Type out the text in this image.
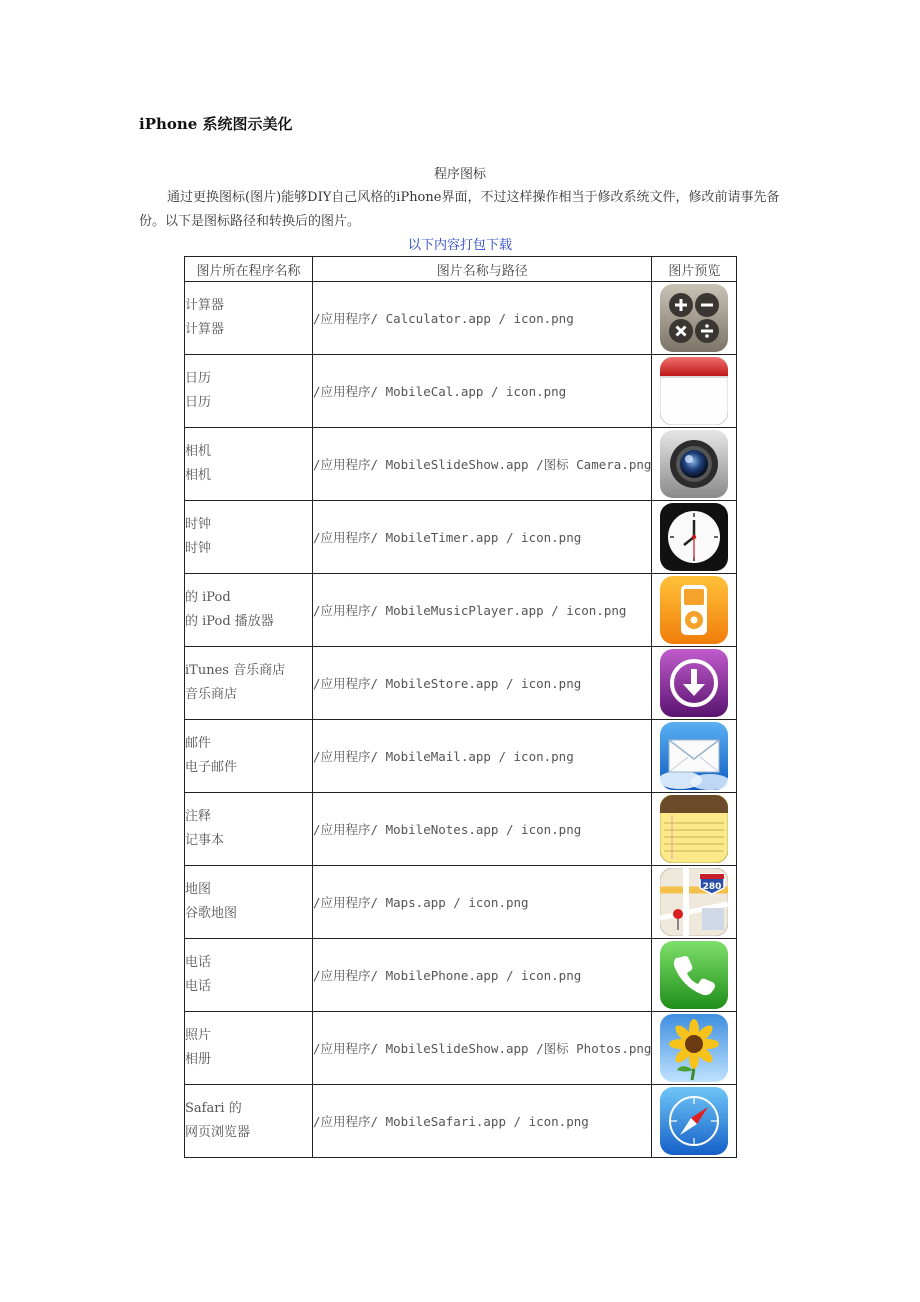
iPhone 系统图示美化
程序图标

通过更换图标(图片)能够DIY自己风格的iPhone界面，不过这样操作相当于修改系统文件，修改前请事先备份。以下是图标路径和转换后的图片。

以下内容打包下载
图片所在程序名称	图片名称与路径	图片预览

计算器
计算器	/应用程序/ Calculator.app / icon.png	

日历
日历	/应用程序/ MobileCal.app / icon.png	

相机
相机	/应用程序/ MobileSlideShow.app /图标 Camera.png	

时钟
时钟	/应用程序/ MobileTimer.app / icon.png	

的 iPod
的 iPod 播放器	/应用程序/ MobileMusicPlayer.app / icon.png	

iTunes 音乐商店
音乐商店	/应用程序/ MobileStore.app / icon.png	

邮件
电子邮件	/应用程序/ MobileMail.app / icon.png	

注释
记事本	/应用程序/ MobileNotes.app / icon.png	

地图
谷歌地图	/应用程序/ Maps.app / icon.png	280

电话
电话	/应用程序/ MobilePhone.app / icon.png	

照片
相册	/应用程序/ MobileSlideShow.app /图标 Photos.png	

Safari 的
网页浏览器	/应用程序/ MobileSafari.app / icon.png	
